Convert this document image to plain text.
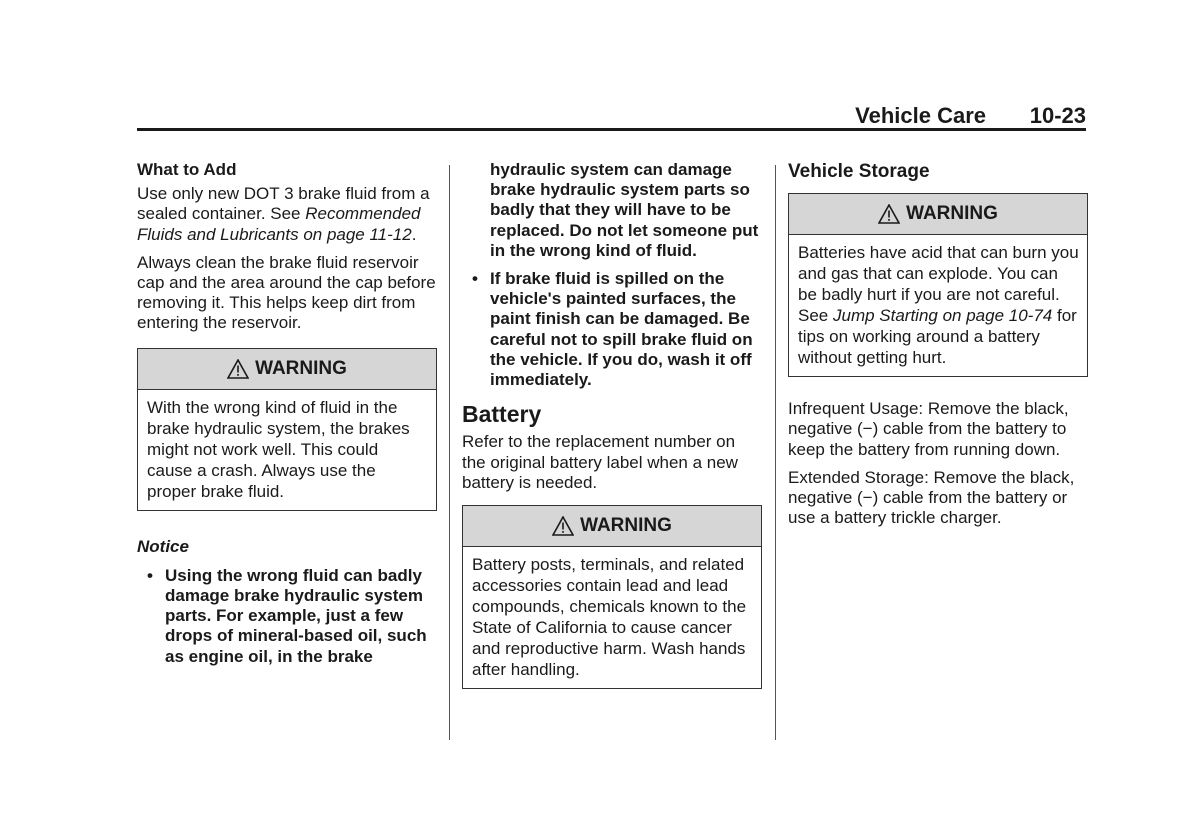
Vehicle Care 10-23
What to Add

Use only new DOT 3 brake fluid from a sealed container. See Recommended Fluids and Lubricants on page 11-12.

Always clean the brake fluid reservoir cap and the area around the cap before removing it. This helps keep dirt from entering the reservoir.

WARNING
With the wrong kind of fluid in the brake hydraulic system, the brakes might not work well. This could cause a crash. Always use the proper brake fluid.
Notice
• Using the wrong fluid can badly damage brake hydraulic system parts. For example, just a few drops of mineral-based oil, such as engine oil, in the brake
hydraulic system can damage brake hydraulic system parts so badly that they will have to be replaced. Do not let someone put in the wrong kind of fluid.
• If brake fluid is spilled on the vehicle's painted surfaces, the paint finish can be damaged. Be careful not to spill brake fluid on the vehicle. If you do, wash it off immediately.
Battery

Refer to the replacement number on the original battery label when a new battery is needed.

WARNING
Battery posts, terminals, and related accessories contain lead and lead compounds, chemicals known to the State of California to cause cancer and reproductive harm. Wash hands after handling.
Vehicle Storage
WARNING
Batteries have acid that can burn you and gas that can explode. You can be badly hurt if you are not careful. See Jump Starting on page 10-74 for tips on working around a battery without getting hurt.

Infrequent Usage: Remove the black, negative (−) cable from the battery to keep the battery from running down.

Extended Storage: Remove the black, negative (−) cable from the battery or use a battery trickle charger.
